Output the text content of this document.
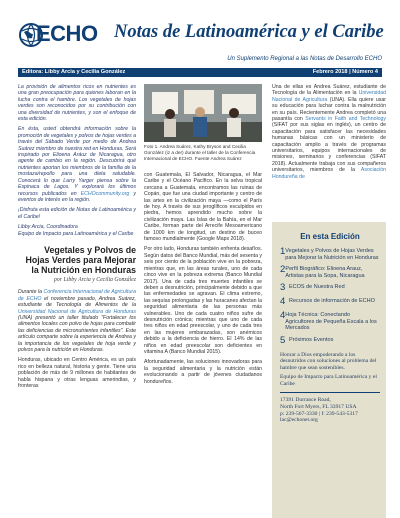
ECHO Notas de Latinoamérica y el Caribe
Un Suplemento Regional a las Notas de Desarrollo ECHO
Editora: Libby Arcia y Cecilia González	Febrero 2018 | Número 4

La provisión de alimentos ricos en nutrientes es una gran preocupación para quienes laboran en la lucha contra el hambre. Los vegetales de hojas verdes son reconocidos por su contribución con una diversidad de nutrientes, y son el enfoque de esta edición.

En ésta, usted obtendrá información sobre la promoción de vegetales y polvos de hojas verdes a través del Sábado Verde por medio de Andrea Suárez miembro de nuestra red en Honduras. Será inspirado por Elioena Aráuz de Nicaragua, otro agente de cambio en la región. Descubrirá qué nutrientes aportan los miembros de la familia de la mostaza/repollo para una dieta saludable. Conocerá lo que Larry Yarger piensa sobre la Espinaca de Lagos. Y explorará los últimos recursos publicados en ECHOcommunity.org y eventos de interés en la región.

¡Disfruta esta edición de Notas de Latinoamérica y el Caribe!

Libby Arcia, Coordinadora
Equipo de Impacto para Latinoamérica y el Caribe

Vegetales y Polvos de Hojas Verdes para Mejorar la Nutrición en Honduras
por Libby Arcia y Cecilia González

Durante la Conferencia Internacional de Agricultura de ECHO el noviembre pasado, Andrea Suárez, estudiante de Tecnología de Alimentos de la Universidad Nacional de Agricultura de Honduras (UNA) presentó un taller titulado "Fortalecer los alimentos locales con polvo de hojas para combatir las deficiencias de micronutrientes infantiles". Este artículo comparte sobre la experiencia de Andrea y la importancia de los vegetales de hoja verde y polvos para la nutrición en Honduras.

Honduras, ubicado en Centro América, es un país rico en belleza natural, historia y gente. Tiene una población de más de 9 millones de habitantes de habla hispana y otras lenguas amerindias, y fronteras

Foto 1. Andrea Suárez, Kathy Bryson and Cecilia González (iz a der) durante el taller de la Conferencia Internacional de ECHO. Fuente Andrea Suárez

con Guatemala, El Salvador, Nicaragua, el Mar Caribe y el Océano Pacífico. En la selva tropical cercana a Guatemala, encontramos las ruinas de Copán, que fue una ciudad importante y centro de las artes en la civilización maya —como el París de hoy. A través de sus jeroglíficos esculpidos en piedra, hemos aprendido mucho sobre la civilización maya. Las Islas de la Bahía, en el Mar Caribe, forman parte del Arrecife Mesoamericano de 1000 km de longitud, un destino de buceo famoso mundialmente (Google Maps 2018).

Por otro lado, Honduras también enfrenta desafíos. Según datos del Banco Mundial, más del sesenta y seis por ciento de la población vive en la pobreza, mientras que, en las áreas rurales, uno de cada cinco vive en la pobreza extrema (Banco Mundial 2017). Una de cada tres muertes infantiles se deben a desnutrición, principalmente debido a que las enfermedades se agravan. El clima extremo, las sequías prolongadas y las huracanes afectan la seguridad alimentaria de las personas más vulnerables. Uno de cada cuatro niños sufre de desnutrición crónica; mientras que uno de cada tres niños en edad preescolar, y uno de cada tres en las mujeres embarazadas, son anémicos debido a la deficiencia de hierro. El 14% de las niños en edad preescolar son deficientes en vitamina A (Banco Mundial 2015).

Afortunadamente, las soluciones innovadoras para la seguridad alimentaria y la nutrición están evolucionando a partir de jóvenes ciudadanos hondureños.

Una de ellas es Andrea Suárez, estudiante de Tecnología de la Alimentación en la Universidad Nacional de Agricultura (UNA). Ella quiere usar su educación para luchar contra la malnutrición en su país. Recientemente Andrea completó una pasantía con Servants in Faith and Technology (SIFAT por sus siglas en inglés), un centro de capacitación para satisfacer las necesidades humanas básicas con un ministerio de capacitación amplio a través de programas universitarios, equipos internacionales de misiones, seminarios y conferencias (SIFAT 2018). Actualmente trabaja con sus compañeros universitarios, miembros de la Asociación Hondureña de

En esta Edición
1 Vegetales y Polvos de Hojas Verdes para Mejorar la Nutrición en Honduras
2 Perfil Biográfico: Elioena Arauz, Artistas para la Sopa, Nicaragua
3 ECOS de Nuestra Red
4 Recursos de información de ECHO
4 Hoja Técnica: Conectando Agricultores de Pequeña Escala a los Mercados
5 Próximos Eventos
Honrar a Dios empoderando a los desnutridos con soluciones al problema del hambre que sean sostenibles.
Equipo de Impacto para Latinoamérica y el Caribe
17391 Durrance Road,
North Fort Myers, FL 33917 USA
p: 239-567-3330 | f: 239-543-5317
lac@echonet.org
